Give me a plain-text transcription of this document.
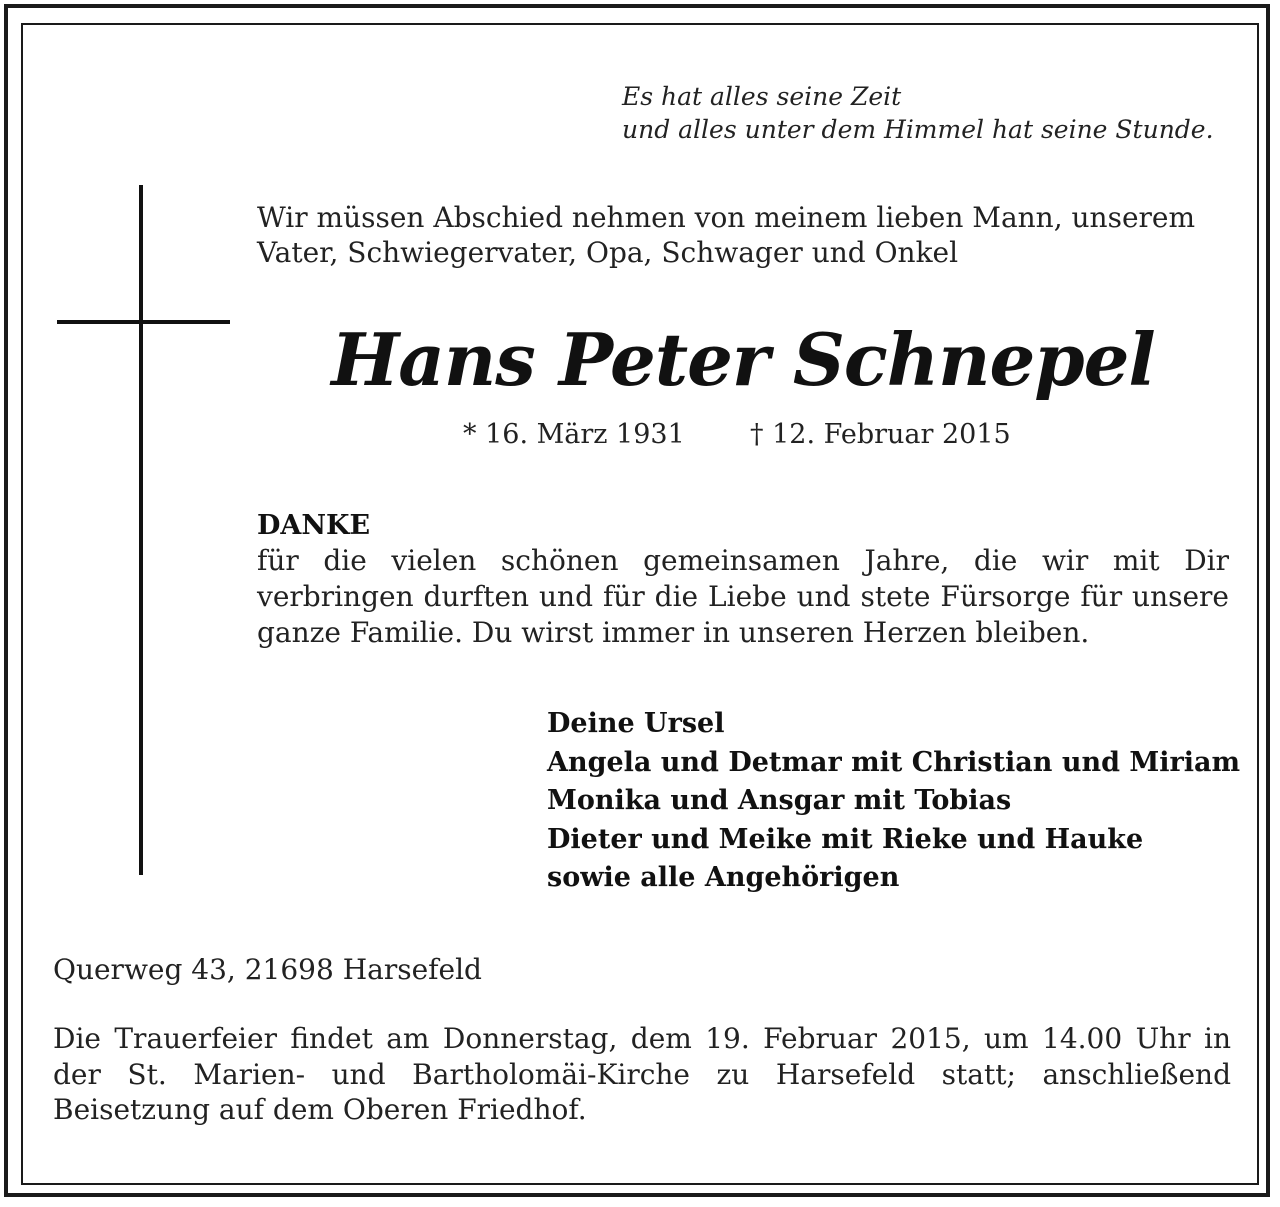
Es hat alles seine Zeit
und alles unter dem Himmel hat seine Stunde.
Wir müssen Abschied nehmen von meinem lieben Mann, unserem Vater, Schwiegervater, Opa, Schwager und Onkel
Hans Peter Schnepel
* 16. März 1931 † 12. Februar 2015
DANKE
für die vielen schönen gemeinsamen Jahre, die wir mit Dir verbringen durften und für die Liebe und stete Fürsorge für unsere ganze Familie. Du wirst immer in unseren Herzen bleiben.
Deine Ursel
Angela und Detmar mit Christian und Miriam
Monika und Ansgar mit Tobias
Dieter und Meike mit Rieke und Hauke
sowie alle Angehörigen
Querweg 43, 21698 Harsefeld
Die Trauerfeier findet am Donnerstag, dem 19. Februar 2015, um 14.00 Uhr in der St. Marien- und Bartholomäi-Kirche zu Harsefeld statt; anschließend Beisetzung auf dem Oberen Friedhof.
